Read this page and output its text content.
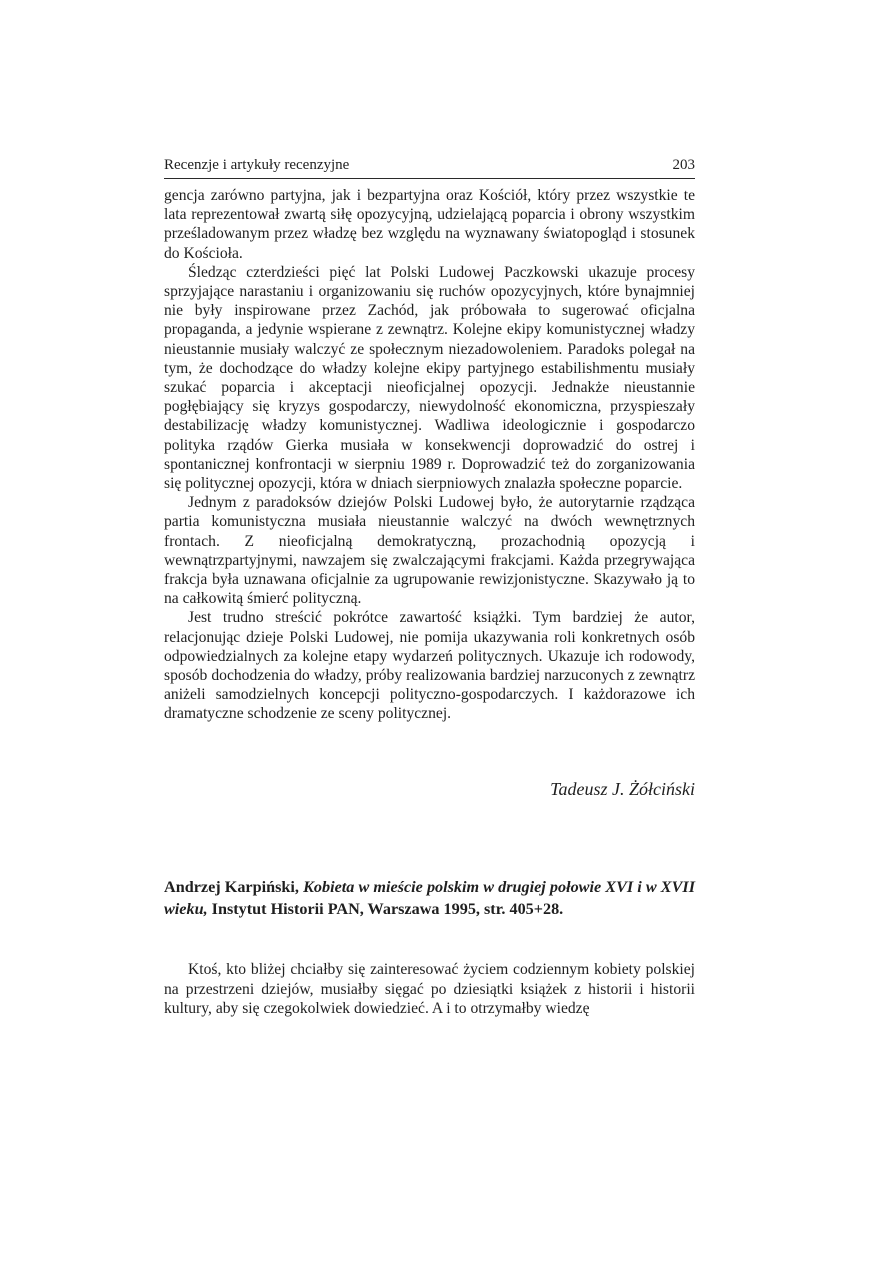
Recenzje i artykuły recenzyjne	203

gencja zarówno partyjna, jak i bezpartyjna oraz Kościół, który przez wszystkie te lata reprezentował zwartą siłę opozycyjną, udzielającą poparcia i obrony wszystkim prześladowanym przez władzę bez względu na wyznawany światopogląd i stosunek do Kościoła.

Śledząc czterdzieści pięć lat Polski Ludowej Paczkowski ukazuje procesy sprzyjające narastaniu i organizowaniu się ruchów opozycyjnych, które bynajmniej nie były inspirowane przez Zachód, jak próbowała to sugerować oficjalna propaganda, a jedynie wspierane z zewnątrz. Kolejne ekipy komunistycznej władzy nieustannie musiały walczyć ze społecznym niezadowoleniem. Paradoks polegał na tym, że dochodzące do władzy kolejne ekipy partyjnego estabilishmentu musiały szukać poparcia i akceptacji nieoficjalnej opozycji. Jednakże nieustannie pogłębiający się kryzys gospodarczy, niewydolność ekonomiczna, przyspieszały destabilizację władzy komunistycznej. Wadliwa ideologicznie i gospodarczo polityka rządów Gierka musiała w konsekwencji doprowadzić do ostrej i spontanicznej konfrontacji w sierpniu 1989 r. Doprowadzić też do zorganizowania się politycznej opozycji, która w dniach sierpniowych znalazła społeczne poparcie.

Jednym z paradoksów dziejów Polski Ludowej było, że autorytarnie rządząca partia komunistyczna musiała nieustannie walczyć na dwóch wewnętrznych frontach. Z nieoficjalną demokratyczną, prozachodnią opozycją i wewnątrzpartyjnymi, nawzajem się zwalczającymi frakcjami. Każda przegrywająca frakcja była uznawana oficjalnie za ugrupowanie rewizjonistyczne. Skazywało ją to na całkowitą śmierć polityczną.

Jest trudno streścić pokrótce zawartość książki. Tym bardziej że autor, relacjonując dzieje Polski Ludowej, nie pomija ukazywania roli konkretnych osób odpowiedzialnych za kolejne etapy wydarzeń politycznych. Ukazuje ich rodowody, sposób dochodzenia do władzy, próby realizowania bardziej narzuconych z zewnątrz aniżeli samodzielnych koncepcji polityczno-gospodarczych. I każdorazowe ich dramatyczne schodzenie ze sceny politycznej.

Tadeusz J. Żółciński
Andrzej Karpiński, Kobieta w mieście polskim w drugiej połowie XVI i w XVII wieku, Instytut Historii PAN, Warszawa 1995, str. 405+28.

Ktoś, kto bliżej chciałby się zainteresować życiem codziennym kobiety polskiej na przestrzeni dziejów, musiałby sięgać po dziesiątki książek z historii i historii kultury, aby się czegokolwiek dowiedzieć. A i to otrzymałby wiedzę
